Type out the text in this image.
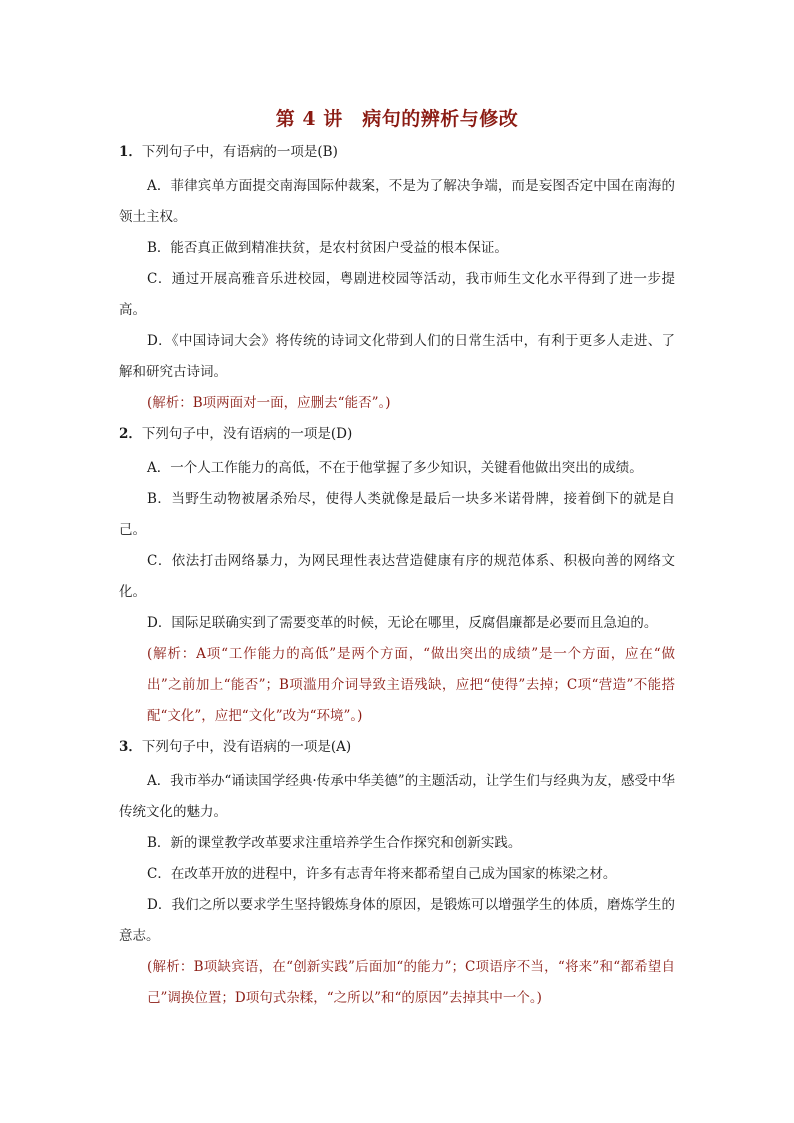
第 4 讲　病句的辨析与修改
1．下列句子中，有语病的一项是(B)
A．菲律宾单方面提交南海国际仲裁案，不是为了解决争端，而是妄图否定中国在南海的领土主权。
B．能否真正做到精准扶贫，是农村贫困户受益的根本保证。
C．通过开展高雅音乐进校园，粤剧进校园等活动，我市师生文化水平得到了进一步提高。
D．《中国诗词大会》将传统的诗词文化带到人们的日常生活中，有利于更多人走进、了解和研究古诗词。
(解析：B项两面对一面，应删去“能否”。)
2．下列句子中，没有语病的一项是(D)
A．一个人工作能力的高低，不在于他掌握了多少知识，关键看他做出突出的成绩。
B．当野生动物被屠杀殆尽，使得人类就像是最后一块多米诺骨牌，接着倒下的就是自己。
C．依法打击网络暴力，为网民理性表达营造健康有序的规范体系、积极向善的网络文化。
D．国际足联确实到了需要变革的时候，无论在哪里，反腐倡廉都是必要而且急迫的。
(解析：A项“工作能力的高低”是两个方面，“做出突出的成绩”是一个方面，应在“做出”之前加上“能否”；B项滥用介词导致主语残缺，应把“使得”去掉；C项“营造”不能搭配“文化”，应把“文化”改为“环境”。)
3．下列句子中，没有语病的一项是(A)
A．我市举办“诵读国学经典·传承中华美德”的主题活动，让学生们与经典为友，感受中华传统文化的魅力。
B．新的课堂教学改革要求注重培养学生合作探究和创新实践。
C．在改革开放的进程中，许多有志青年将来都希望自己成为国家的栋梁之材。
D．我们之所以要求学生坚持锻炼身体的原因，是锻炼可以增强学生的体质，磨炼学生的意志。
(解析：B项缺宾语，在“创新实践”后面加“的能力”；C项语序不当，“将来”和“都希望自己”调换位置；D项句式杂糅，“之所以”和“的原因”去掉其中一个。)
